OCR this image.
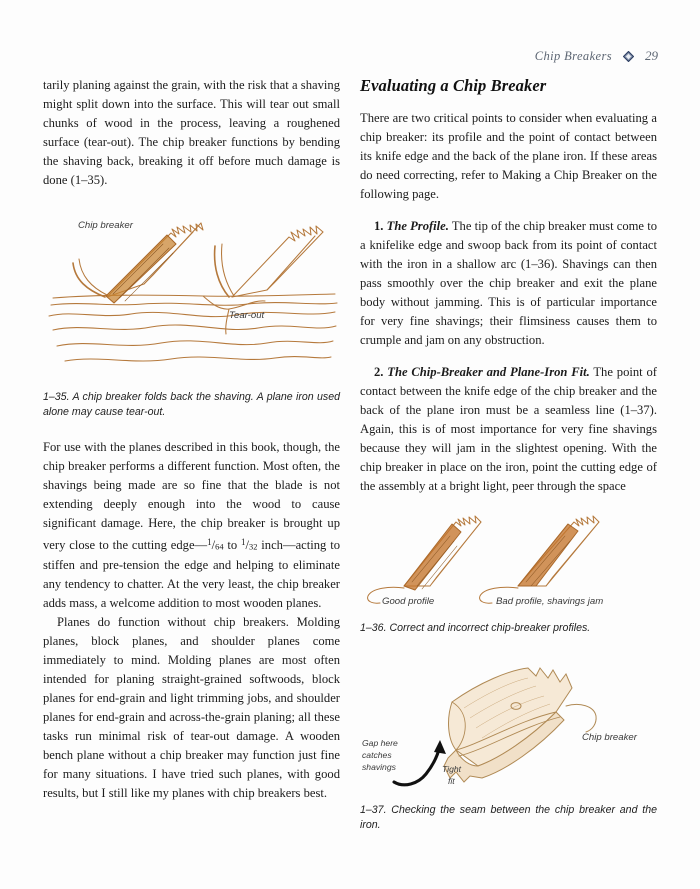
Chip Breakers	29

tarily planing against the grain, with the risk that a shaving might split down into the surface. This will tear out small chunks of wood in the process, leaving a roughened surface (tear-out). The chip breaker functions by bending the shaving back, breaking it off before much damage is done (1–35).

Chip breaker
Tear-out

1–35. A chip breaker folds back the shaving. A plane iron used alone may cause tear-out.

For use with the planes described in this book, though, the chip breaker performs a different function. Most often, the shavings being made are so fine that the blade is not extending deeply enough into the wood to cause significant damage. Here, the chip breaker is brought up very close to the cutting $edge—^1/_{64}$ to $^1/_{32}$ inch—acting to stiffen and pre-tension the edge and helping to eliminate any tendency to chatter. At the very least, the chip breaker adds mass, a welcome addition to most wooden planes.

Planes do function without chip breakers. Molding planes, block planes, and shoulder planes come immediately to mind. Molding planes are most often intended for planing straight-grained softwoods, block planes for end-grain and light trimming jobs, and shoulder planes for end-grain and across-the-grain planing; all these tasks run minimal risk of tear-out damage. A wooden bench plane without a chip breaker may function just fine for many situations. I have tried such planes, with good results, but I still like my planes with chip breakers best.

Evaluating a Chip Breaker

There are two critical points to consider when evaluating a chip breaker: its profile and the point of contact between its knife edge and the back of the plane iron. If these areas do need correcting, refer to Making a Chip Breaker on the following page.

1. The Profile. The tip of the chip breaker must come to a knifelike edge and swoop back from its point of contact with the iron in a shallow arc (1–36). Shavings can then pass smoothly over the chip breaker and exit the plane body without jamming. This is of particular importance for very fine shavings; their flimsiness causes them to crumple and jam on any obstruction.

2. The Chip-Breaker and Plane-Iron Fit. The point of contact between the knife edge of the chip breaker and the back of the plane iron must be a seamless line (1–37). Again, this is of most importance for very fine shavings because they will jam in the slightest opening. With the chip breaker in place on the iron, point the cutting edge of the assembly at a bright light, peer through the space

Good profile	Bad profile, shavings jam

1–36. Correct and incorrect chip-breaker profiles.

Gap here
catches
shavings	Tight
fit
Chip breaker

1–37. Checking the seam between the chip breaker and the iron.
